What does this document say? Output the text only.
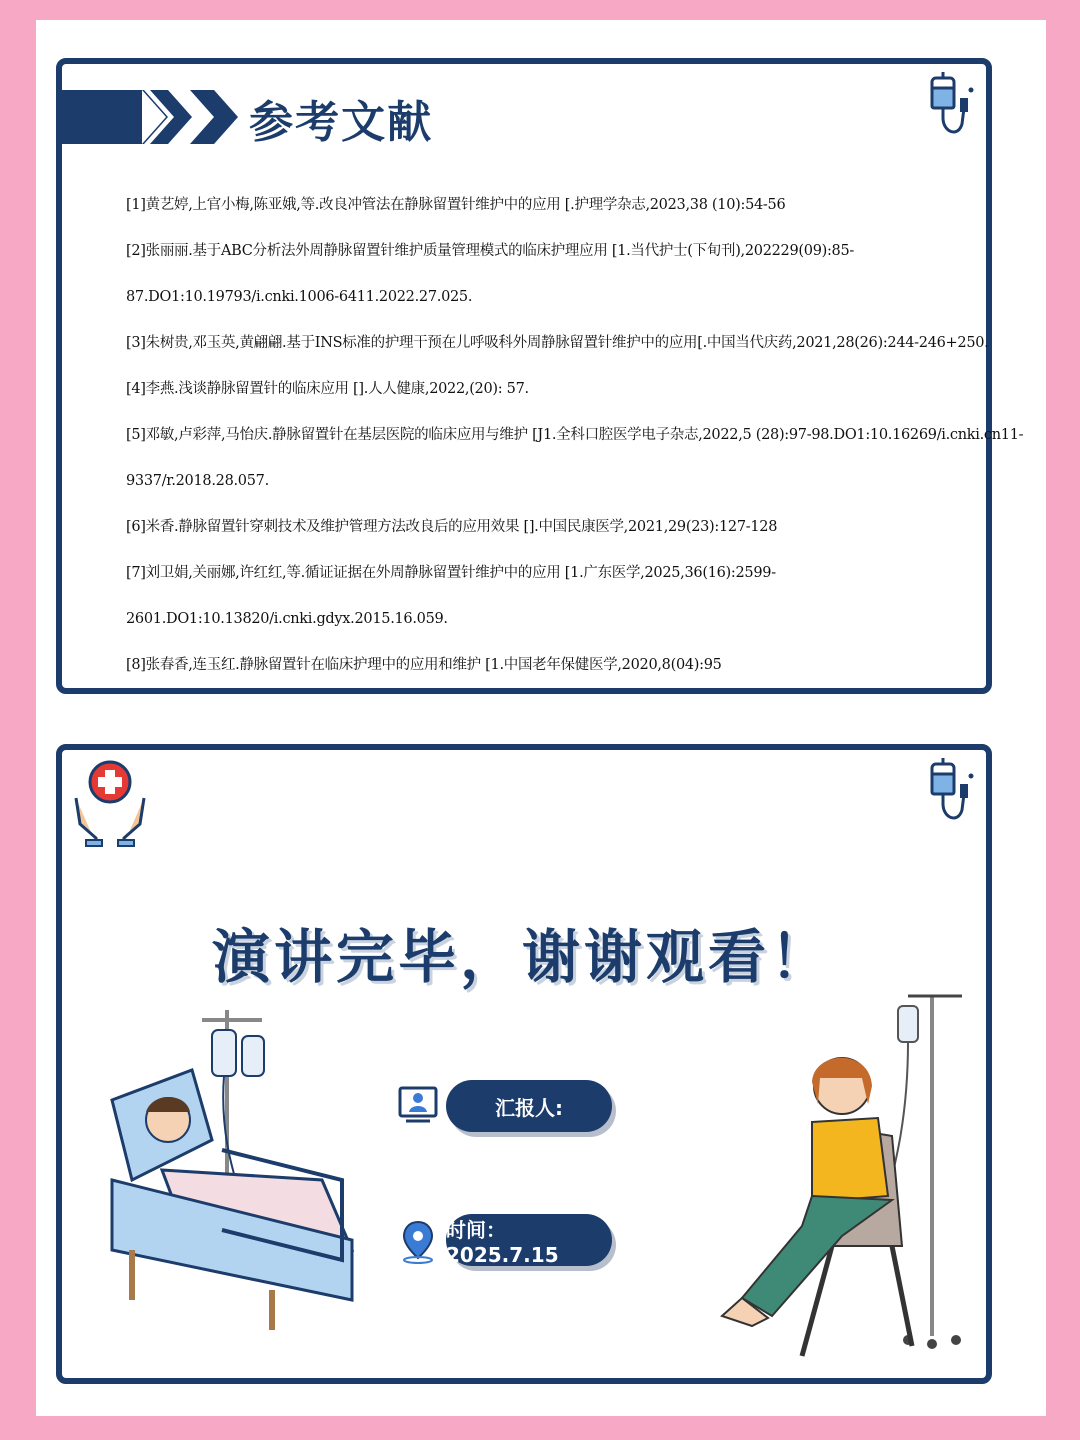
➢ 参考文献
[1]黄艺婷,上官小梅,陈亚娥,等.改良冲管法在静脉留置针维护中的应用 [.护理学杂志,2023,38 (10):54-56
[2]张丽丽.基于ABC分析法外周静脉留置针维护质量管理模式的临床护理应用 [1.当代护士(下旬刊),202229(09):85-
87.DO1:10.19793/i.cnki.1006-6411.2022.27.025.
[3]朱树贵,邓玉英,黄翩翩.基于INS标准的护理干预在儿呼吸科外周静脉留置针维护中的应用[.中国当代庆药,2021,28(26):244-246+250.
[4]李燕.浅谈静脉留置针的临床应用 [].人人健康,2022,(20): 57.
[5]邓敏,卢彩萍,马怡庆.静脉留置针在基层医院的临床应用与维护 [J1.全科口腔医学电子杂志,2022,5 (28):97-98.DO1:10.16269/i.cnki.cn11-
9337/r.2018.28.057.
[6]米香.静脉留置针穿刺技术及维护管理方法改良后的应用效果 [].中国民康医学,2021,29(23):127-128
[7]刘卫娟,关丽娜,许红红,等.循证证据在外周静脉留置针维护中的应用 [1.广东医学,2025,36(16):2599-
2601.DO1:10.13820/i.cnki.gdyx.2015.16.059.
[8]张春香,连玉红.静脉留置针在临床护理中的应用和维护 [1.中国老年保健医学,2020,8(04):95
演讲完毕，谢谢观看！
汇报人:
时间：2025.7.15
